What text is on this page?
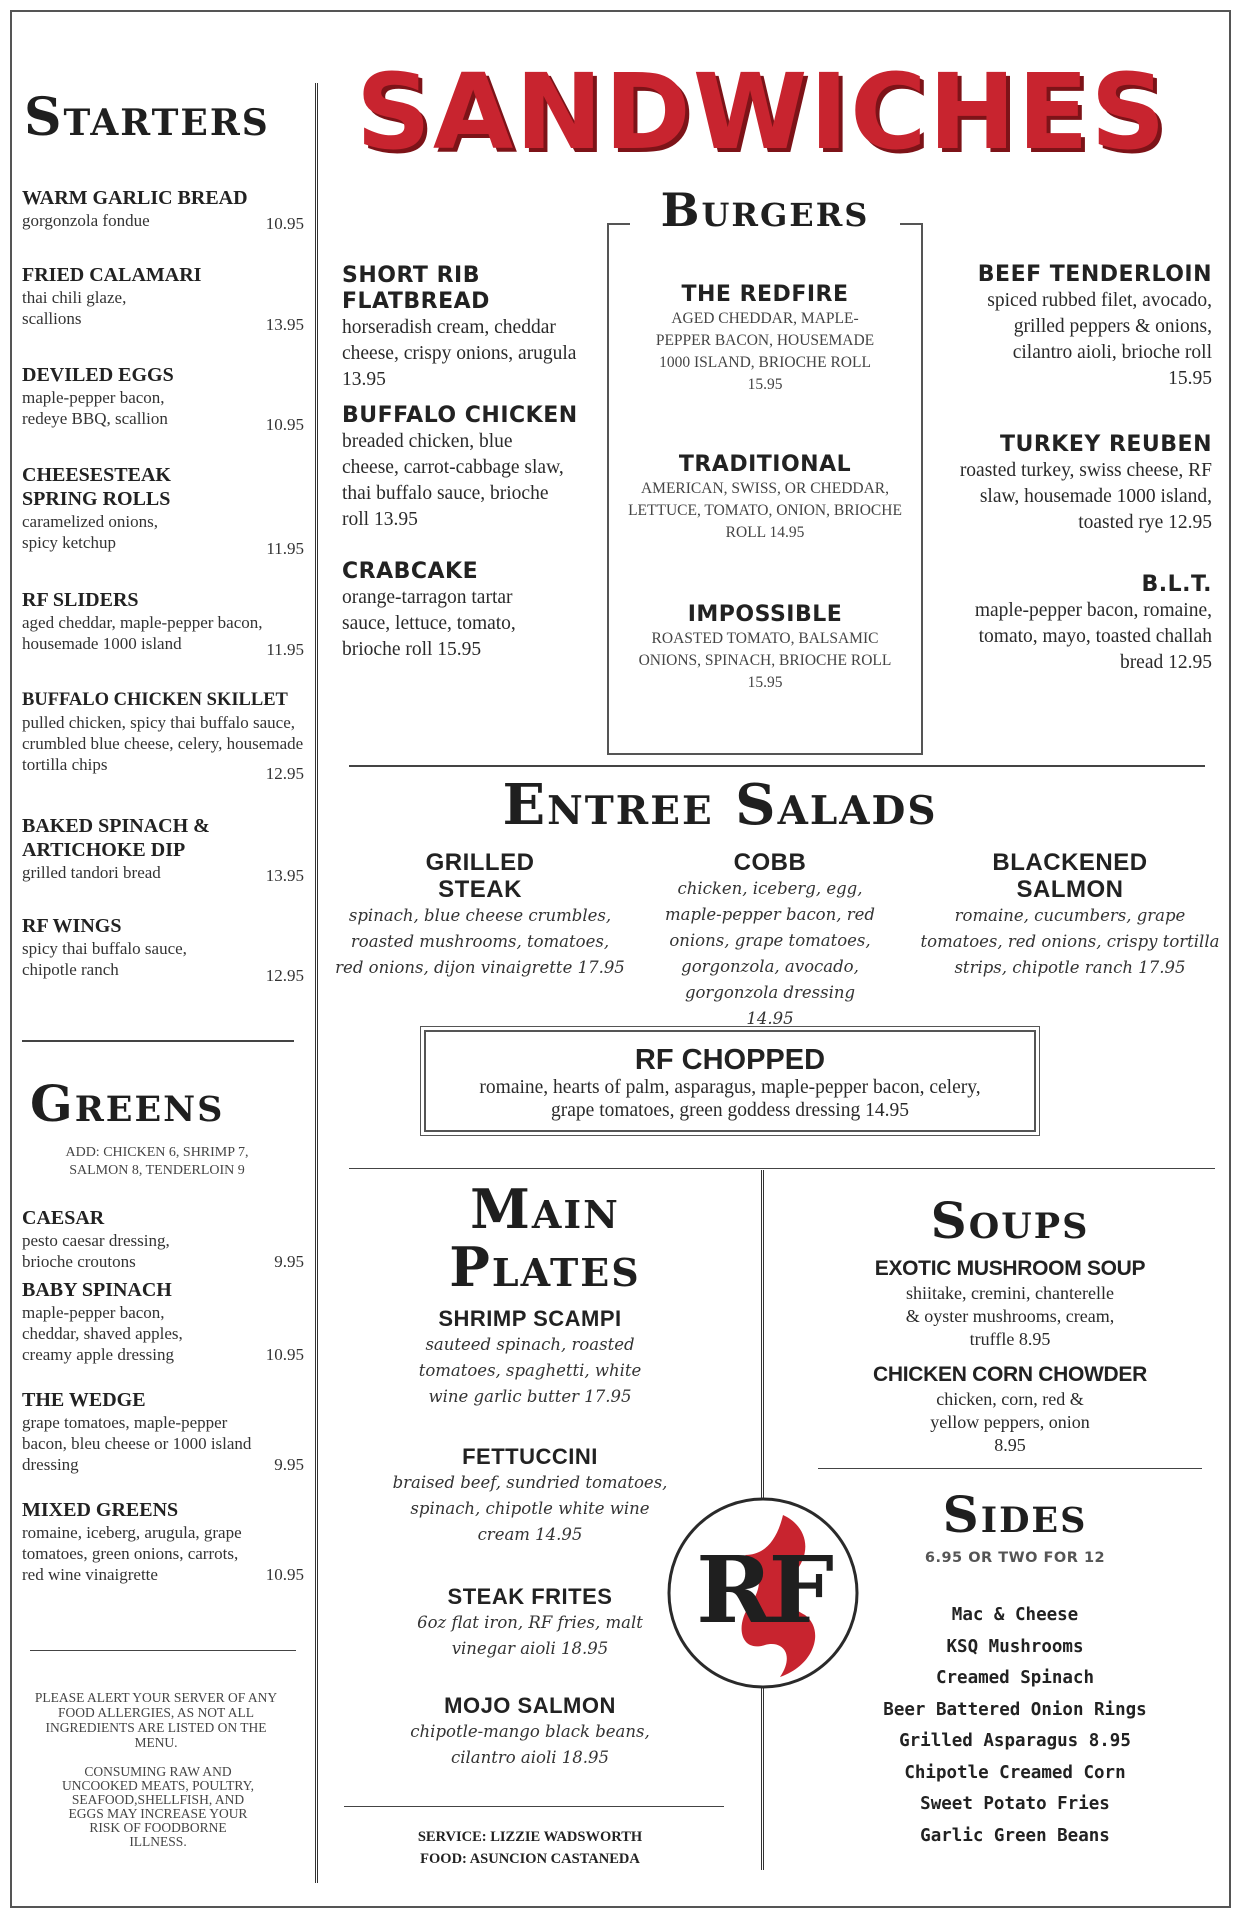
Starters
WARM GARLIC BREAD
gorgonzola fondue	10.95
FRIED CALAMARI
thai chili glaze, scallions	13.95
DEVILED EGGS
maple-pepper bacon, redeye BBQ, scallion	10.95
CHEESESTEAK SPRING ROLLS
caramelized onions, spicy ketchup	11.95
RF SLIDERS
aged cheddar, maple-pepper bacon, housemade 1000 island	11.95
BUFFALO CHICKEN SKILLET
pulled chicken, spicy thai buffalo sauce, crumbled blue cheese, celery, housemade tortilla chips	12.95
BAKED SPINACH & ARTICHOKE DIP
grilled tandori bread	13.95
RF WINGS
spicy thai buffalo sauce, chipotle ranch	12.95
Greens
ADD: CHICKEN 6, SHRIMP 7,
SALMON 8, TENDERLOIN 9
CAESAR
pesto caesar dressing, brioche croutons	9.95
BABY SPINACH
maple-pepper bacon, cheddar, shaved apples, creamy apple dressing	10.95
THE WEDGE
grape tomatoes, maple-pepper bacon, bleu cheese or 1000 island dressing	9.95
MIXED GREENS
romaine, iceberg, arugula, grape tomatoes, green onions, carrots, red wine vinaigrette	10.95
PLEASE ALERT YOUR SERVER OF ANY FOOD ALLERGIES, AS NOT ALL INGREDIENTS ARE LISTED ON THE MENU.
CONSUMING RAW AND UNCOOKED MEATS, POULTRY, SEAFOOD,SHELLFISH, AND EGGS MAY INCREASE YOUR RISK OF FOODBORNE ILLNESS.
SANDWICHES
Burgers
THE REDFIRE
AGED CHEDDAR, MAPLE-PEPPER BACON, HOUSEMADE 1000 ISLAND, BRIOCHE ROLL 15.95
TRADITIONAL
AMERICAN, SWISS, OR CHEDDAR, LETTUCE, TOMATO, ONION, BRIOCHE ROLL 14.95
IMPOSSIBLE
ROASTED TOMATO, BALSAMIC ONIONS, SPINACH, BRIOCHE ROLL 15.95
SHORT RIB FLATBREAD
horseradish cream, cheddar cheese, crispy onions, arugula 13.95
BUFFALO CHICKEN
breaded chicken, blue cheese, carrot-cabbage slaw, thai buffalo sauce, brioche roll 13.95
CRABCAKE
orange-tarragon tartar sauce, lettuce, tomato, brioche roll 15.95
BEEF TENDERLOIN
spiced rubbed filet, avocado, grilled peppers & onions, cilantro aioli, brioche roll 15.95
TURKEY REUBEN
roasted turkey, swiss cheese, RF slaw, housemade 1000 island, toasted rye 12.95
B.L.T.
maple-pepper bacon, romaine, tomato, mayo, toasted challah bread 12.95
Entree Salads
GRILLED STEAK
spinach, blue cheese crumbles, roasted mushrooms, tomatoes, red onions, dijon vinaigrette 17.95
COBB
chicken, iceberg, egg, maple-pepper bacon, red onions, grape tomatoes, gorgonzola, avocado, gorgonzola dressing 14.95
BLACKENED SALMON
romaine, cucumbers, grape tomatoes, red onions, crispy tortilla strips, chipotle ranch 17.95
RF CHOPPED
romaine, hearts of palm, asparagus, maple-pepper bacon, celery,
grape tomatoes, green goddess dressing 14.95
Main
Plates
SHRIMP SCAMPI
sauteed spinach, roasted tomatoes, spaghetti, white wine garlic butter 17.95
FETTUCCINI
braised beef, sundried tomatoes, spinach, chipotle white wine cream 14.95
STEAK FRITES
6oz flat iron, RF fries, malt vinegar aioli 18.95
MOJO SALMON
chipotle-mango black beans, cilantro aioli 18.95
SERVICE: LIZZIE WADSWORTH
FOOD: ASUNCION CASTANEDA
RF
Soups
EXOTIC MUSHROOM SOUP
shiitake, cremini, chanterelle & oyster mushrooms, cream, truffle 8.95
CHICKEN CORN CHOWDER
chicken, corn, red & yellow peppers, onion 8.95
Sides
6.95 OR TWO FOR 12
Mac & Cheese
KSQ Mushrooms
Creamed Spinach
Beer Battered Onion Rings
Grilled Asparagus 8.95
Chipotle Creamed Corn
Sweet Potato Fries
Garlic Green Beans
